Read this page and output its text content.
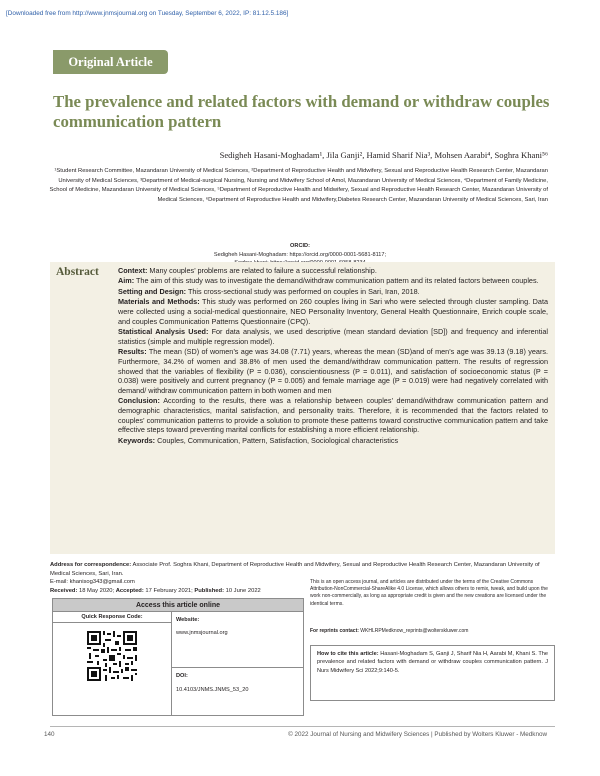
[Downloaded free from http://www.jnmsjournal.org on Tuesday, September 6, 2022, IP: 81.12.5.186]
Original Article
The prevalence and related factors with demand or withdraw couples communication pattern
Sedigheh Hasani-Moghadam¹, Jila Ganji², Hamid Sharif Nia³, Mohsen Aarabi⁴, Soghra Khani⁵⁶
¹Student Research Committee, Mazandaran University of Medical Sciences, ²Department of Reproductive Health and Midwifery, Sexual and Reproductive Health Research Center, Mazandaran University of Medical Sciences, ³Department of Medical-surgical Nursing, Nursing and Midwifery School of Amol, Mazandaran University of Medical Sciences, ⁴Department of Family Medicine, School of Medicine, Mazandaran University of Medical Sciences, ⁵Department of Reproductive Health and Midwifery, Sexual and Reproductive Health Research Center, Mazandaran University of Medical Sciences, ⁶Department of Reproductive Health and Midwifery,Diabetes Research Center, Mazandaran University of Medical Sciences, Sari, Iran
ORCID:
Sedigheh Hasani-Moghadam: https://orcid.org/0000-0001-5681-8117;
Abstract	Context: Many couples’ problems are related to failure a successful relationship.

Aim: The aim of this study was to investigate the demand/withdraw communication pattern and its related factors between couples.

Setting and Design: This cross-sectional study was performed on couples in Sari, Iran, 2018.

Materials and Methods: This study was performed on 260 couples living in Sari who were selected through cluster sampling. Data were collected using a social-medical questionnaire, NEO Personality Inventory, General Health Questionnaire, Enrich couple scale, and couples Communication Patterns Questionnaire (CPQ).

Statistical Analysis Used: For data analysis, we used descriptive (mean standard deviation [SD]) and frequency and inferential statistics (simple and multiple regression model).

Results: The mean (SD) of women’s age was 34.08 (7.71) years, whereas the mean (SD)and of men’s age was 39.13 (9.18) years. Furthermore, 34.2% of women and 38.8% of men used the demand/withdraw communication pattern. The results of regression showed that the variables of flexibility (P = 0.036), conscientiousness (P = 0.011), and satisfaction of socioeconomic status (P = 0.038) were positively and current pregnancy (P = 0.005) and female marriage age (P = 0.019) were had negatively correlated with demand/ withdraw communication pattern in both women and men

Conclusion: According to the results, there was a relationship between couples’ demand/withdraw communication pattern and demographic characteristics, marital satisfaction, and personality traits. Therefore, it is recommended that the factors related to couples’ communication patterns to provide a solution to promote these patterns toward constructive communication pattern and take effective steps toward preventing marital conflicts for establishing a more efficient relationship.

Keywords: Couples, Communication, Pattern, Satisfaction, Sociological characteristics

Address for correspondence: Associate Prof. Soghra Khani, Department of Reproductive Health and Midwifery, Sexual and Reproductive Health Research Center, Mazandaran University of Medical Sciences, Sari, Iran.
E-mail: khanisog343@gmail.com
Received: 18 May 2020; Accepted: 17 February 2021; Published: 10 June 2022
Access this article online
Quick Response Code:	Website:
www.jnmsjournal.org
DOI:
10.4103/JNMS.JNMS_53_20
This is an open access journal, and articles are distributed under the terms of the Creative Commons Attribution-NonCommercial-ShareAlike 4.0 License, which allows others to remix, tweak, and build upon the work non-commercially, as long as appropriate credit is given and the new creations are licensed under the identical terms.
For reprints contact: WKHLRPMedknow_reprints@wolterskluwer.com
How to cite this article: Hasani-Moghadam S, Ganji J, Sharif Nia H, Aarabi M, Khani S. The prevalence and related factors with demand or withdraw couples communication pattern. J Nurs Midwifery Sci 2022;9:140-5.
140	© 2022 Journal of Nursing and Midwifery Sciences | Published by Wolters Kluwer - Medknow
